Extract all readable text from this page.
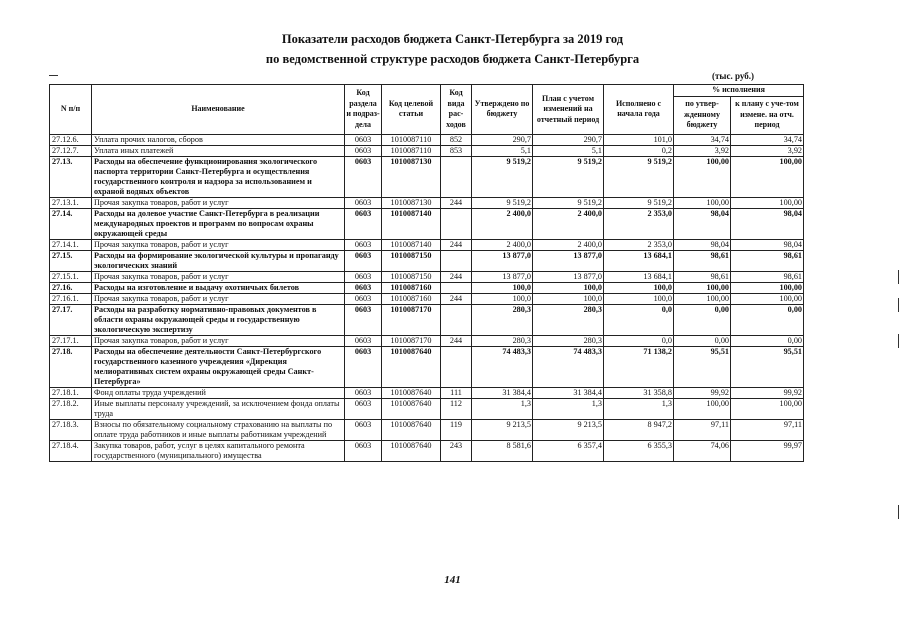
Показатели расходов бюджета Санкт-Петербурга за 2019 год
по ведомственной структуре расходов бюджета Санкт-Петербурга
(тыс. руб.)
N п/п	Наименование	Код раздела и подраз-дела	Код целевой статьи	Код вида рас-ходов	Утверждено по бюджету	План с учетом изменений на отчетный период	Исполнено с начала года	% исполнения	
								по утвер-жденному бюджету	к плану с уче-том измене. на отч. период
27.12.6.	Уплата прочих налогов, сборов	0603	1010087110	852	290,7	290,7	101,0	34,74	34,74
27.12.7.	Уплата иных платежей	0603	1010087110	853	5,1	5,1	0,2	3,92	3,92
27.13.	Расходы на обеспечение функционирования экологического паспорта территории Санкт-Петербурга и осуществления государственного контроля и надзора за использованием и охраной водных объектов	0603	1010087130		9 519,2	9 519,2	9 519,2	100,00	100,00
27.13.1.	Прочая закупка товаров, работ и услуг	0603	1010087130	244	9 519,2	9 519,2	9 519,2	100,00	100,00
27.14.	Расходы на долевое участие Санкт-Петербурга в реализации международных проектов и программ по вопросам охраны окружающей среды	0603	1010087140		2 400,0	2 400,0	2 353,0	98,04	98,04
27.14.1.	Прочая закупка товаров, работ и услуг	0603	1010087140	244	2 400,0	2 400,0	2 353,0	98,04	98,04
27.15.	Расходы на формирование экологической культуры и пропаганду экологических знаний	0603	1010087150		13 877,0	13 877,0	13 684,1	98,61	98,61
27.15.1.	Прочая закупка товаров, работ и услуг	0603	1010087150	244	13 877,0	13 877,0	13 684,1	98,61	98,61
27.16.	Расходы на изготовление и выдачу охотничьих билетов	0603	1010087160		100,0	100,0	100,0	100,00	100,00
27.16.1.	Прочая закупка товаров, работ и услуг	0603	1010087160	244	100,0	100,0	100,0	100,00	100,00
27.17.	Расходы на разработку нормативно-правовых документов в области охраны окружающей среды и государственную экологическую экспертизу	0603	1010087170		280,3	280,3	0,0	0,00	0,00
27.17.1.	Прочая закупка товаров, работ и услуг	0603	1010087170	244	280,3	280,3	0,0	0,00	0,00
27.18.	Расходы на обеспечение деятельности Санкт-Петербургского государственного казенного учреждения «Дирекция мелиоративных систем охраны окружающей среды Санкт-Петербурга»	0603	1010087640		74 483,3	74 483,3	71 138,2	95,51	95,51
27.18.1.	Фонд оплаты труда учреждений	0603	1010087640	111	31 384,4	31 384,4	31 358,8	99,92	99,92
27.18.2.	Иные выплаты персоналу учреждений, за исключением фонда оплаты труда	0603	1010087640	112	1,3	1,3	1,3	100,00	100,00
27.18.3.	Взносы по обязательному социальному страхованию на выплаты по оплате труда работников и иные выплаты работникам учреждений	0603	1010087640	119	9 213,5	9 213,5	8 947,2	97,11	97,11
27.18.4.	Закупка товаров, работ, услуг в целях капитального ремонта государственного (муниципального) имущества	0603	1010087640	243	8 581,6	6 357,4	6 355,3	74,06	99,97
141
